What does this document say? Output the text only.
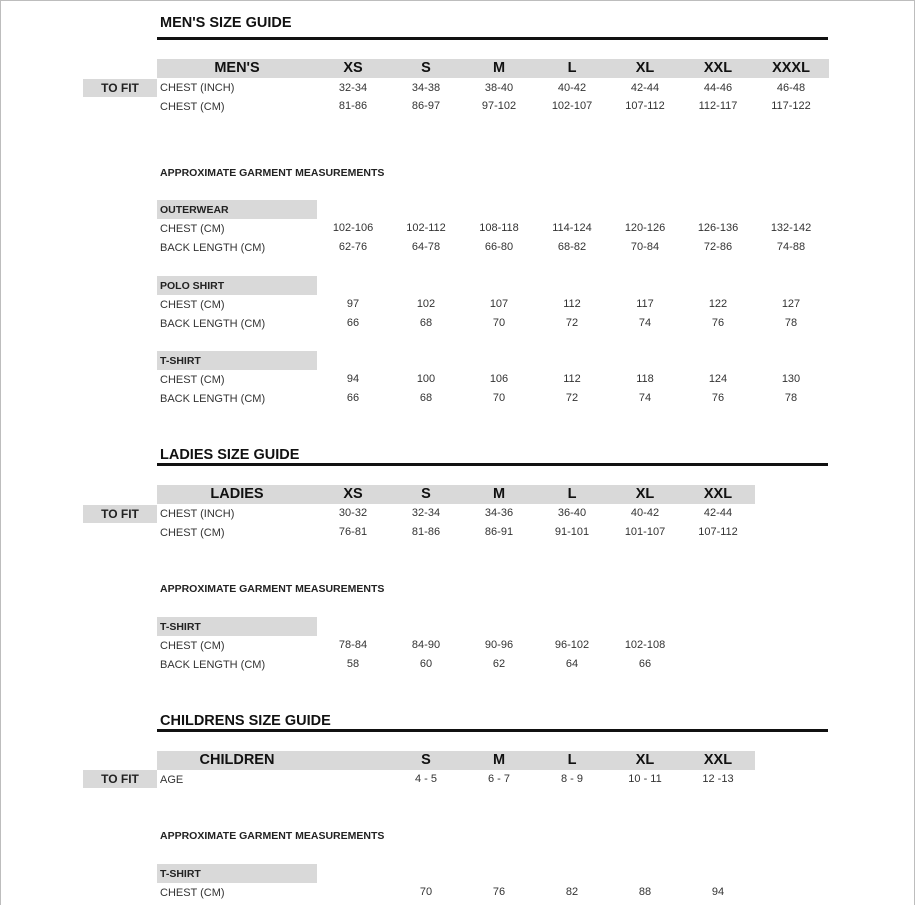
MEN'S SIZE GUIDE
MEN'S	XS	S	M	L	XL	XXL	XXXL
TO FIT	CHEST (INCH)	32-34	34-38	38-40	40-42	42-44	44-46	46-48
CHEST (CM)	81-86	86-97	97-102	102-107	107-112	112-117	117-122
APPROXIMATE GARMENT MEASUREMENTS
OUTERWEAR
CHEST (CM)	102-106	102-112	108-118	114-124	120-126	126-136	132-142
BACK LENGTH (CM)	62-76	64-78	66-80	68-82	70-84	72-86	74-88
POLO SHIRT
CHEST (CM)	97	102	107	112	117	122	127
BACK LENGTH (CM)	66	68	70	72	74	76	78
T-SHIRT
CHEST (CM)	94	100	106	112	118	124	130
BACK LENGTH (CM)	66	68	70	72	74	76	78
LADIES SIZE GUIDE
LADIES	XS	S	M	L	XL	XXL
TO FIT	CHEST (INCH)	30-32	32-34	34-36	36-40	40-42	42-44
CHEST (CM)	76-81	81-86	86-91	91-101	101-107	107-112
APPROXIMATE GARMENT MEASUREMENTS
T-SHIRT
CHEST (CM)	78-84	84-90	90-96	96-102	102-108
BACK LENGTH (CM)	58	60	62	64	66
CHILDRENS SIZE GUIDE
CHILDREN	S	M	L	XL	XXL
TO FIT	AGE	4 - 5	6 - 7	8 - 9	10 - 11	12 -13
APPROXIMATE GARMENT MEASUREMENTS
T-SHIRT
CHEST (CM)	70	76	82	88	94
